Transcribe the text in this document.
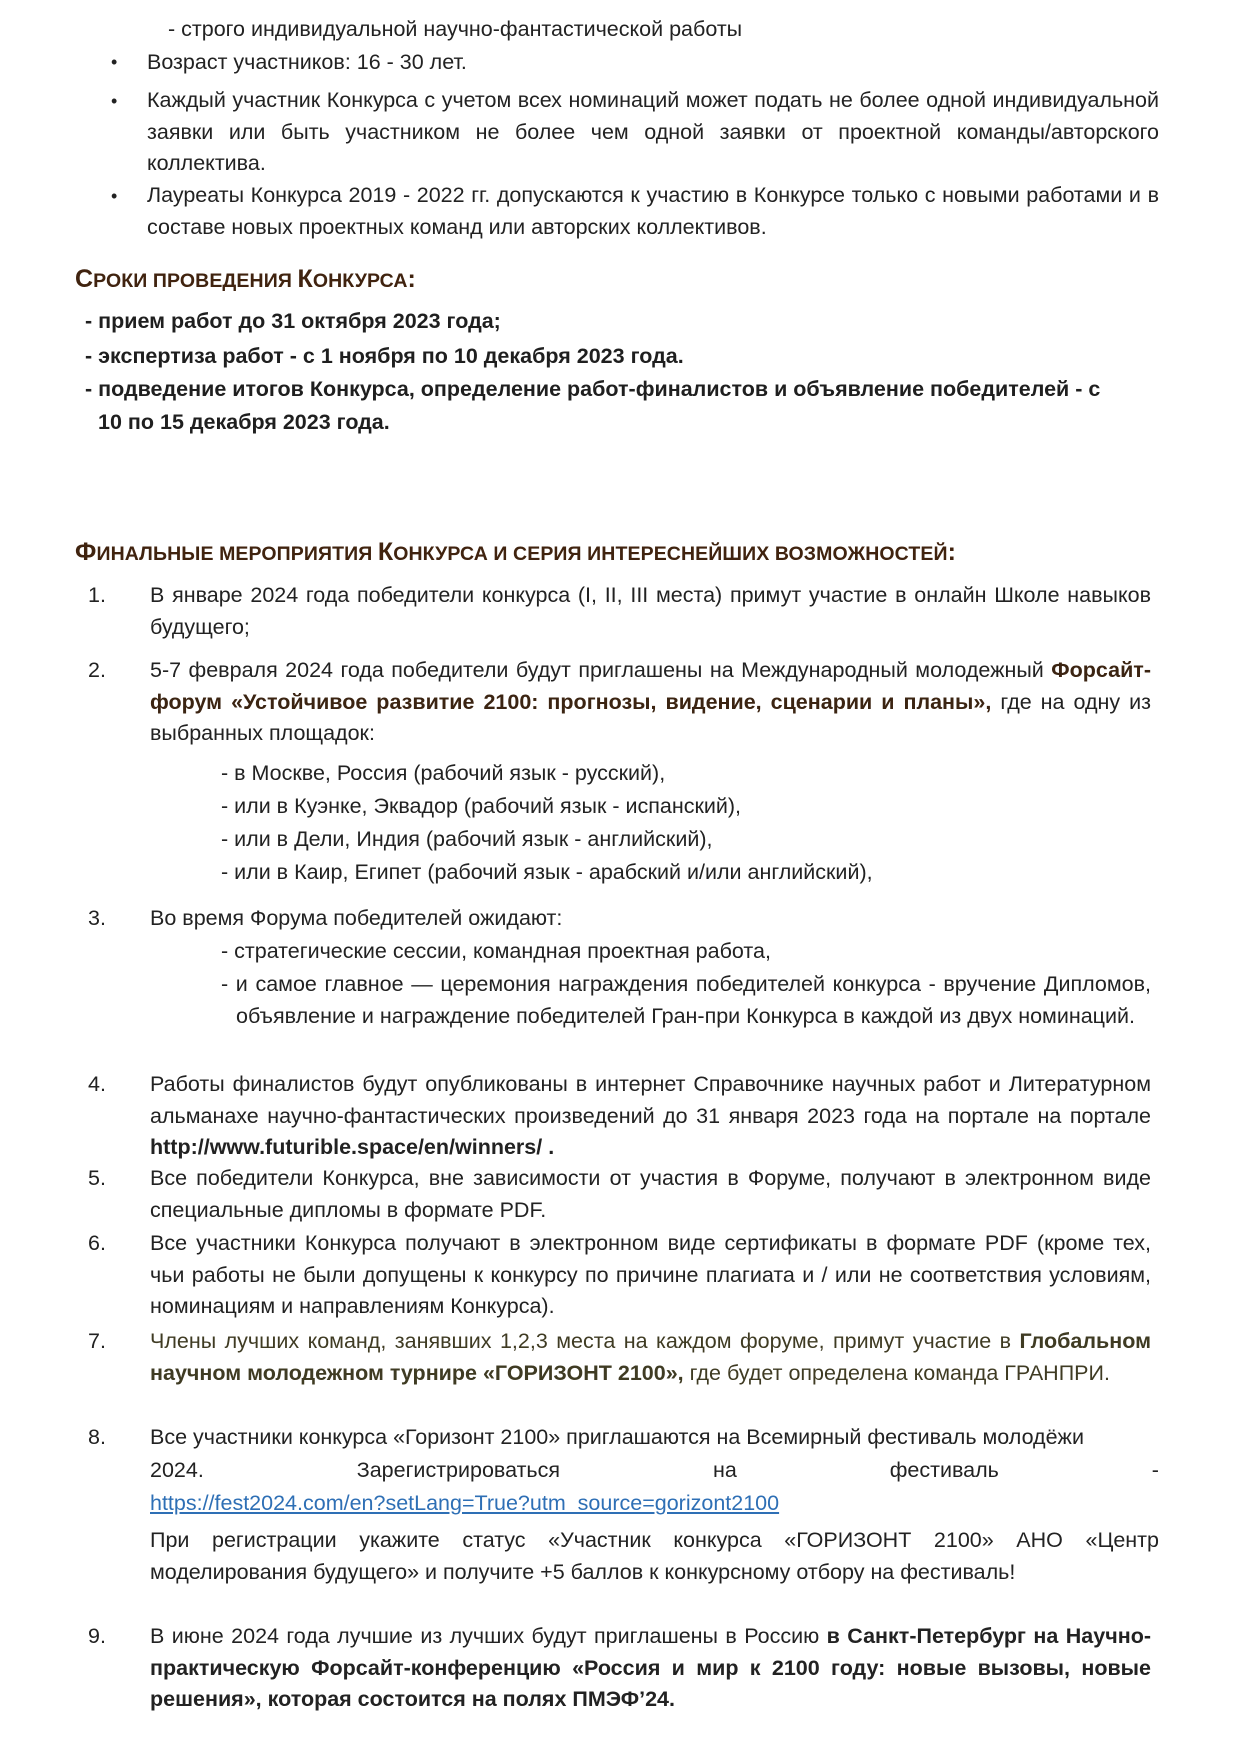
- строго индивидуальной научно-фантастической работы
• Возраст участников: 16 - 30 лет.
• Каждый участник Конкурса с учетом всех номинаций может подать не более одной индивидуальной заявки или быть участником не более чем одной заявки от проектной команды/авторского коллектива.
• Лауреаты Конкурса 2019 - 2022 гг. допускаются к участию в Конкурсе только с новыми работами и в составе новых проектных команд или авторских коллективов.
СРОКИ ПРОВЕДЕНИЯ КОНКУРСА:
- прием работ до 31 октября 2023 года;
- экспертиза работ - с 1 ноября по 10 декабря 2023 года.
- подведение итогов Конкурса, определение работ-финалистов и объявление победителей - с
10 по 15 декабря 2023 года.
ФИНАЛЬНЫЕ МЕРОПРИЯТИЯ КОНКУРСА И СЕРИЯ ИНТЕРЕСНЕЙШИХ ВОЗМОЖНОСТЕЙ:
1. В январе 2024 года победители конкурса (I, II, III места) примут участие в онлайн Школе навыков будущего;
2. 5-7 февраля 2024 года победители будут приглашены на Международный молодежный Форсайт-форум «Устойчивое развитие 2100: прогнозы, видение, сценарии и планы», где на одну из выбранных площадок:
- в Москве, Россия (рабочий язык - русский),
- или в Куэнке, Эквадор (рабочий язык - испанский),
- или в Дели, Индия (рабочий язык - английский),
- или в Каир, Египет (рабочий язык - арабский и/или английский),
3. Во время Форума победителей ожидают:
- стратегические сессии, командная проектная работа,
- и самое главное — церемония награждения победителей конкурса - вручение Дипломов, объявление и награждение победителей Гран-при Конкурса в каждой из двух номинаций.
4. Работы финалистов будут опубликованы в интернет Справочнике научных работ и Литературном альманахе научно-фантастических произведений до 31 января 2023 года на портале на портале http://www.futurible.space/en/winners/ .
5. Все победители Конкурса, вне зависимости от участия в Форуме, получают в электронном виде специальные дипломы в формате PDF.
6. Все участники Конкурса получают в электронном виде сертификаты в формате PDF (кроме тех, чьи работы не были допущены к конкурсу по причине плагиата и / или не соответствия условиям, номинациям и направлениям Конкурса).
7. Члены лучших команд, занявших 1,2,3 места на каждом форуме, примут участие в Глобальном научном молодежном турнире «ГОРИЗОНТ 2100», где будет определена команда ГРАНПРИ.
8. Все участники конкурса «Горизонт 2100» приглашаются на Всемирный фестиваль молодёжи
2024.	Зарегистрироваться	на	фестиваль	-
https://fest2024.com/en?setLang=True?utm_source=gorizont2100
При регистрации укажите статус «Участник конкурса «ГОРИЗОНТ 2100» АНО «Центр моделирования будущего» и получите +5 баллов к конкурсному отбору на фестиваль!
9. В июне 2024 года лучшие из лучших будут приглашены в Россию в Санкт-Петербург на Научно-практическую Форсайт-конференцию «Россия и мир к 2100 году: новые вызовы, новые решения», которая состоится на полях ПМЭФ’24.
